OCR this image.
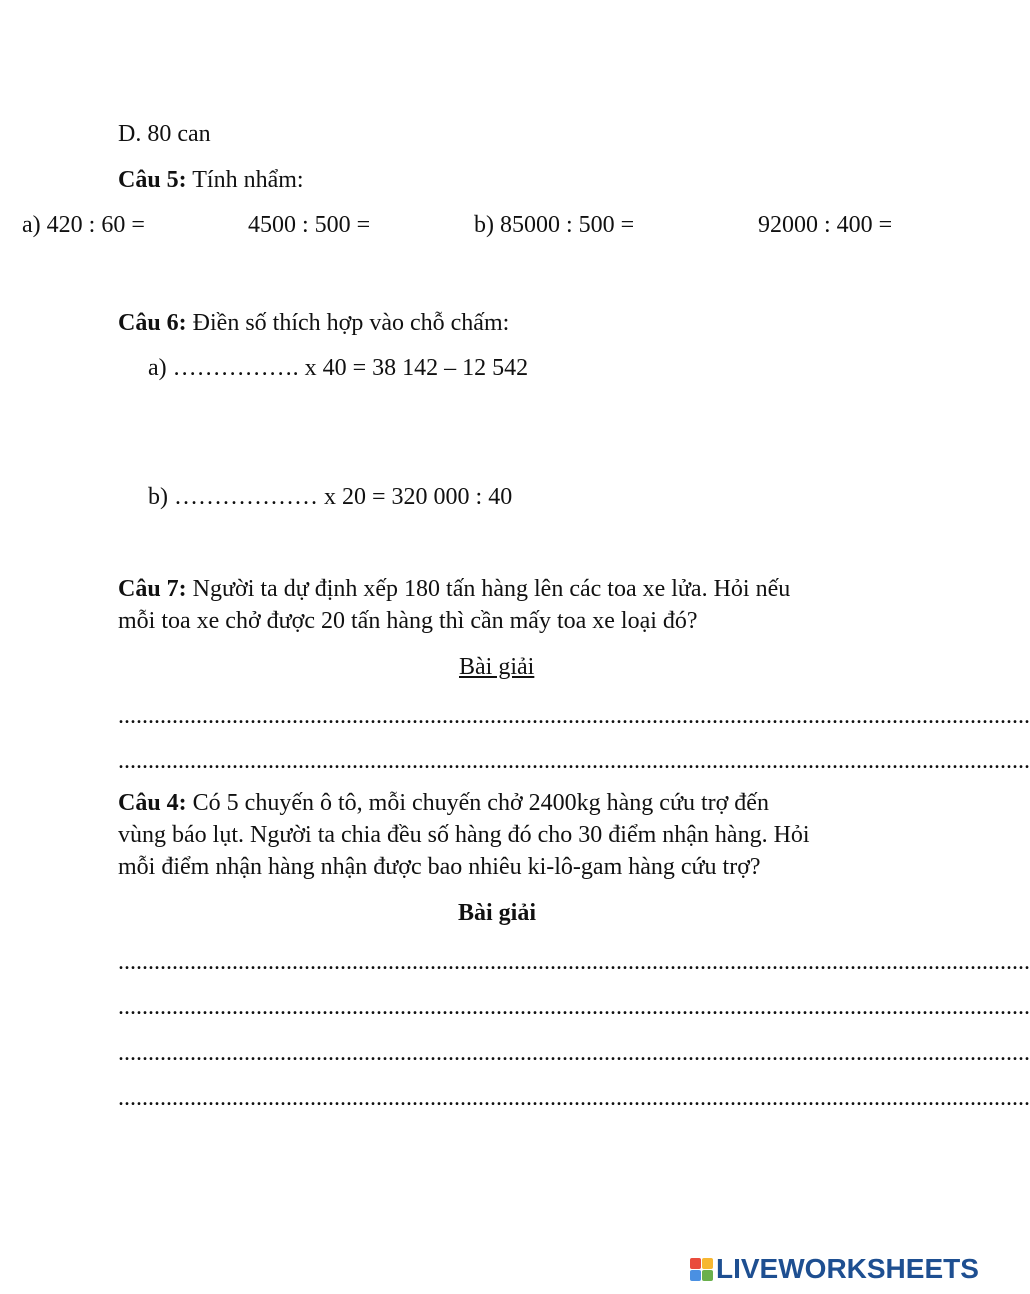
D. 80 can
Câu 5: Tính nhẩm:
a) 420 : 60 =	4500 : 500 =	b) 85000 : 500 =	92000 : 400 =
Câu 6: Điền số thích hợp vào chỗ chấm:
a) ……………. x 40 = 38 142 – 12 542
b) ……………… x 20 = 320 000 : 40
Câu 7: Người ta dự định xếp 180 tấn hàng lên các toa xe lửa. Hỏi nếu
mỗi toa xe chở được 20 tấn hàng thì cần mấy toa xe loại đó?
Bài giải
........................................................................................................................................................
........................................................................................................................................................
Câu 4: Có 5 chuyến ô tô, mỗi chuyến chở 2400kg hàng cứu trợ đến
vùng báo lụt. Người ta chia đều số hàng đó cho 30 điểm nhận hàng. Hỏi
mỗi điểm nhận hàng nhận được bao nhiêu ki-lô-gam hàng cứu trợ?
Bài giải
........................................................................................................................................................
........................................................................................................................................................
........................................................................................................................................................
........................................................................................................................................................
LIVEWORKSHEETS
